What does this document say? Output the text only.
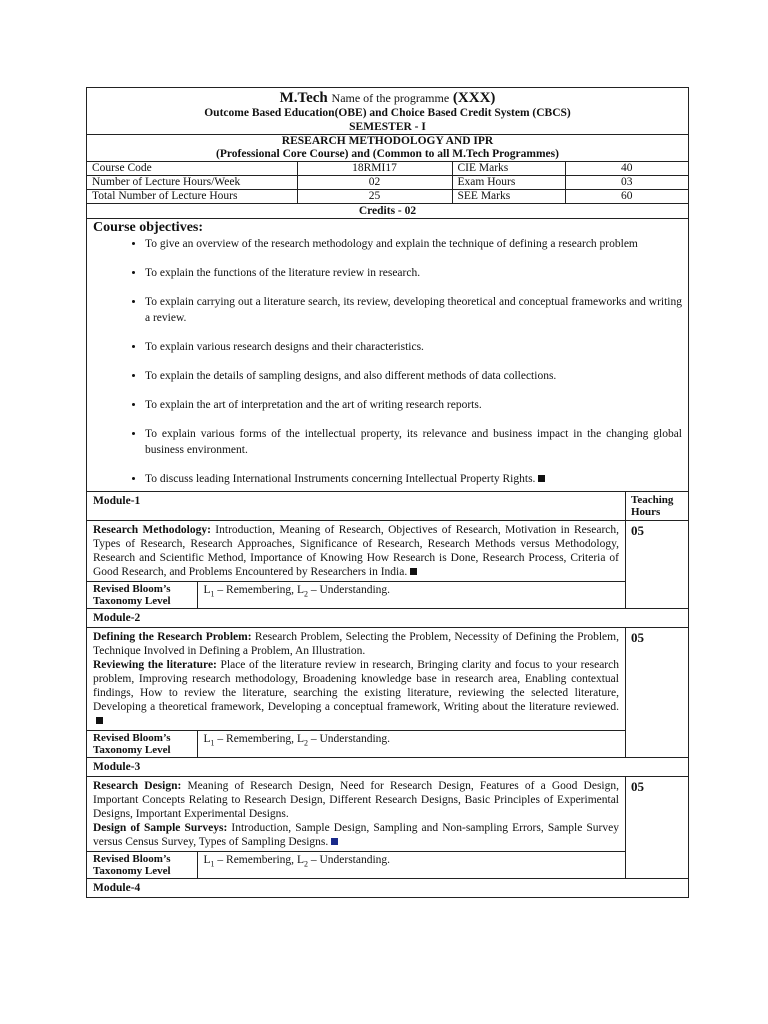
M.Tech Name of the programme (XXX)
Outcome Based Education(OBE) and Choice Based Credit System (CBCS)
SEMESTER - I
RESEARCH METHODOLOGY AND IPR
(Professional Core Course) and (Common to all M.Tech Programmes)
Course Code	18RMI17	CIE Marks	40
Number of Lecture Hours/Week	02	Exam Hours	03
Total Number of Lecture Hours	25	SEE Marks	60
Credits - 02
Course objectives:
• To give an overview of the research methodology and explain the technique of defining a research problem
• To explain the functions of the literature review in research.
• To explain carrying out a literature search, its review, developing theoretical and conceptual frameworks and writing a review.
• To explain various research designs and their characteristics.
• To explain the details of sampling designs, and also different methods of data collections.
• To explain the art of interpretation and the art of writing research reports.
• To explain various forms of the intellectual property, its relevance and business impact in the changing global business environment.
• To discuss leading International Instruments concerning Intellectual Property Rights.
Module-1		Teaching Hours
Research Methodology: Introduction, Meaning of Research, Objectives of Research, Motivation in Research, Types of Research, Research Approaches, Significance of Research, Research Methods versus Methodology, Research and Scientific Method, Importance of Knowing How Research is Done, Research Process, Criteria of Good Research, and Problems Encountered by Researchers in India.		05
Revised Bloom’s Taxonomy Level	$L_1$ – Remembering, $L_2$ – Understanding.	
Module-2		

Defining the Research Problem: Research Problem, Selecting the Problem, Necessity of Defining the Problem, Technique Involved in Defining a Problem, An Illustration.
Reviewing the literature: Place of the literature review in research, Bringing clarity and focus to your research problem, Improving research methodology, Broadening knowledge base in research area, Enabling contextual findings, How to review the literature, searching the existing literature, reviewing the selected literature, Developing a theoretical framework, Developing a conceptual framework, Writing about the literature reviewed.		05
Revised Bloom’s Taxonomy Level	$L_1$ – Remembering, $L_2$ – Understanding.	
Module-3		

Research Design: Meaning of Research Design, Need for Research Design, Features of a Good Design, Important Concepts Relating to Research Design, Different Research Designs, Basic Principles of Experimental Designs, Important Experimental Designs.
Design of Sample Surveys: Introduction, Sample Design, Sampling and Non-sampling Errors, Sample Survey versus Census Survey, Types of Sampling Designs.		05
Revised Bloom’s Taxonomy Level	$L_1$ – Remembering, $L_2$ – Understanding.	
Module-4		
